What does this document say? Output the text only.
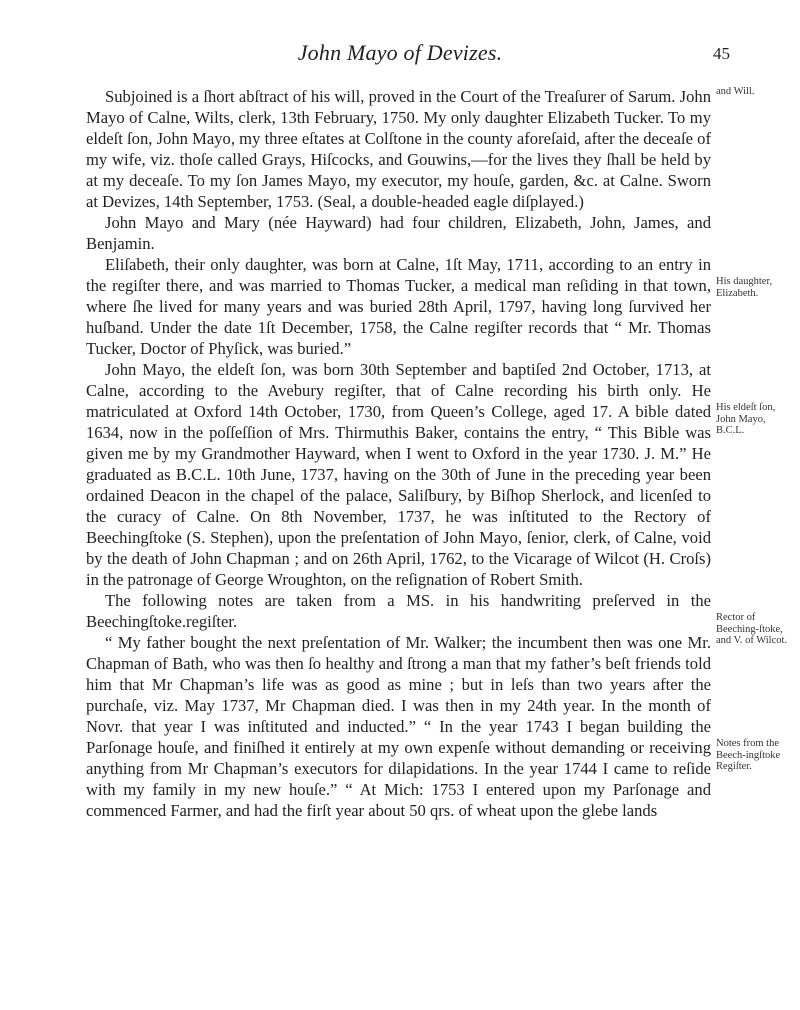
John Mayo of Devizes.	45

Subjoined is a ſhort abſtract of his will, proved in the Court of the Treaſurer of Sarum. John Mayo of Calne, Wilts, clerk, 13th February, 1750. My only daughter Elizabeth Tucker. To my eldeſt ſon, John Mayo, my three eſtates at Colſtone in the county aforeſaid, after the deceaſe of my wife, viz. thoſe called Grays, Hiſcocks, and Gouwins,—for the lives they ſhall be held by at my deceaſe. To my ſon James Mayo, my executor, my houſe, garden, &c. at Calne. Sworn at Devizes, 14th September, 1753. (Seal, a double-headed eagle diſplayed.)

John Mayo and Mary (née Hayward) had four children, Elizabeth, John, James, and Benjamin.

Eliſabeth, their only daughter, was born at Calne, 1ſt May, 1711, according to an entry in the regiſter there, and was married to Thomas Tucker, a medical man reſiding in that town, where ſhe lived for many years and was buried 28th April, 1797, having long ſurvived her huſband. Under the date 1ſt December, 1758, the Calne regiſter records that “ Mr. Thomas Tucker, Doctor of Phyſick, was buried.”

John Mayo, the eldeſt ſon, was born 30th September and baptiſed 2nd October, 1713, at Calne, according to the Avebury regiſter, that of Calne recording his birth only. He matriculated at Oxford 14th October, 1730, from Queen’s College, aged 17. A bible dated 1634, now in the poſſeſſion of Mrs. Thirmuthis Baker, contains the entry, “ This Bible was given me by my Grandmother Hayward, when I went to Oxford in the year 1730. J. M.” He graduated as B.C.L. 10th June, 1737, having on the 30th of June in the preceding year been ordained Deacon in the chapel of the palace, Saliſbury, by Biſhop Sherlock, and licenſed to the curacy of Calne. On 8th November, 1737, he was inſtituted to the Rectory of Beechingſtoke (S. Stephen), upon the preſentation of John Mayo, ſenior, clerk, of Calne, void by the death of John Chapman ; and on 26th April, 1762, to the Vicarage of Wilcot (H. Croſs) in the patronage of George Wroughton, on the reſignation of Robert Smith.

The following notes are taken from a MS. in his handwriting preſerved in the Beechingſtoke.regiſter.

“ My father bought the next preſentation of Mr. Walker; the incumbent then was one Mr. Chapman of Bath, who was then ſo healthy and ſtrong a man that my father’s beſt friends told him that Mr Chapman’s life was as good as mine ; but in leſs than two years after the purchaſe, viz. May 1737, Mr Chapman died. I was then in my 24th year. In the month of Novr. that year I was inſtituted and inducted.” “ In the year 1743 I began building the Parſonage houſe, and finiſhed it entirely at my own expenſe without demanding or receiving anything from Mr Chapman’s executors for dilapidations. In the year 1744 I came to reſide with my family in my new houſe.” “ At Mich: 1753 I entered upon my Parſonage and commenced Farmer, and had the firſt year about 50 qrs. of wheat upon the glebe lands

and Will.
His daughter, Elizabeth.
His eldeſt ſon, John Mayo, B.C.L.
Rector of Beeching-ſtoke, and V. of Wilcot.
Notes from the Beech-ingſtoke Regiſter.
